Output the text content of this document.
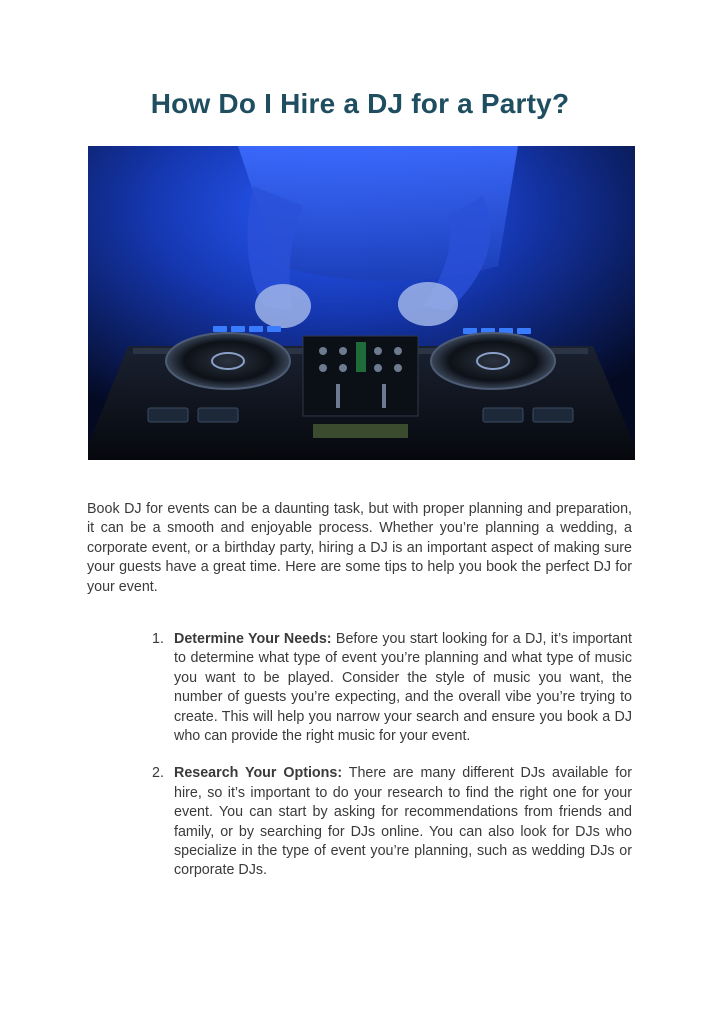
How Do I Hire a DJ for a Party?

Book DJ for events can be a daunting task, but with proper planning and preparation, it can be a smooth and enjoyable process. Whether you’re planning a wedding, a corporate event, or a birthday party, hiring a DJ is an important aspect of making sure your guests have a great time. Here are some tips to help you book the perfect DJ for your event.

1. Determine Your Needs: Before you start looking for a DJ, it’s important to determine what type of event you’re planning and what type of music you want to be played. Consider the style of music you want, the number of guests you’re expecting, and the overall vibe you’re trying to create. This will help you narrow your search and ensure you book a DJ who can provide the right music for your event.
2. Research Your Options: There are many different DJs available for hire, so it’s important to do your research to find the right one for your event. You can start by asking for recommendations from friends and family, or by searching for DJs online. You can also look for DJs who specialize in the type of event you’re planning, such as wedding DJs or corporate DJs.
